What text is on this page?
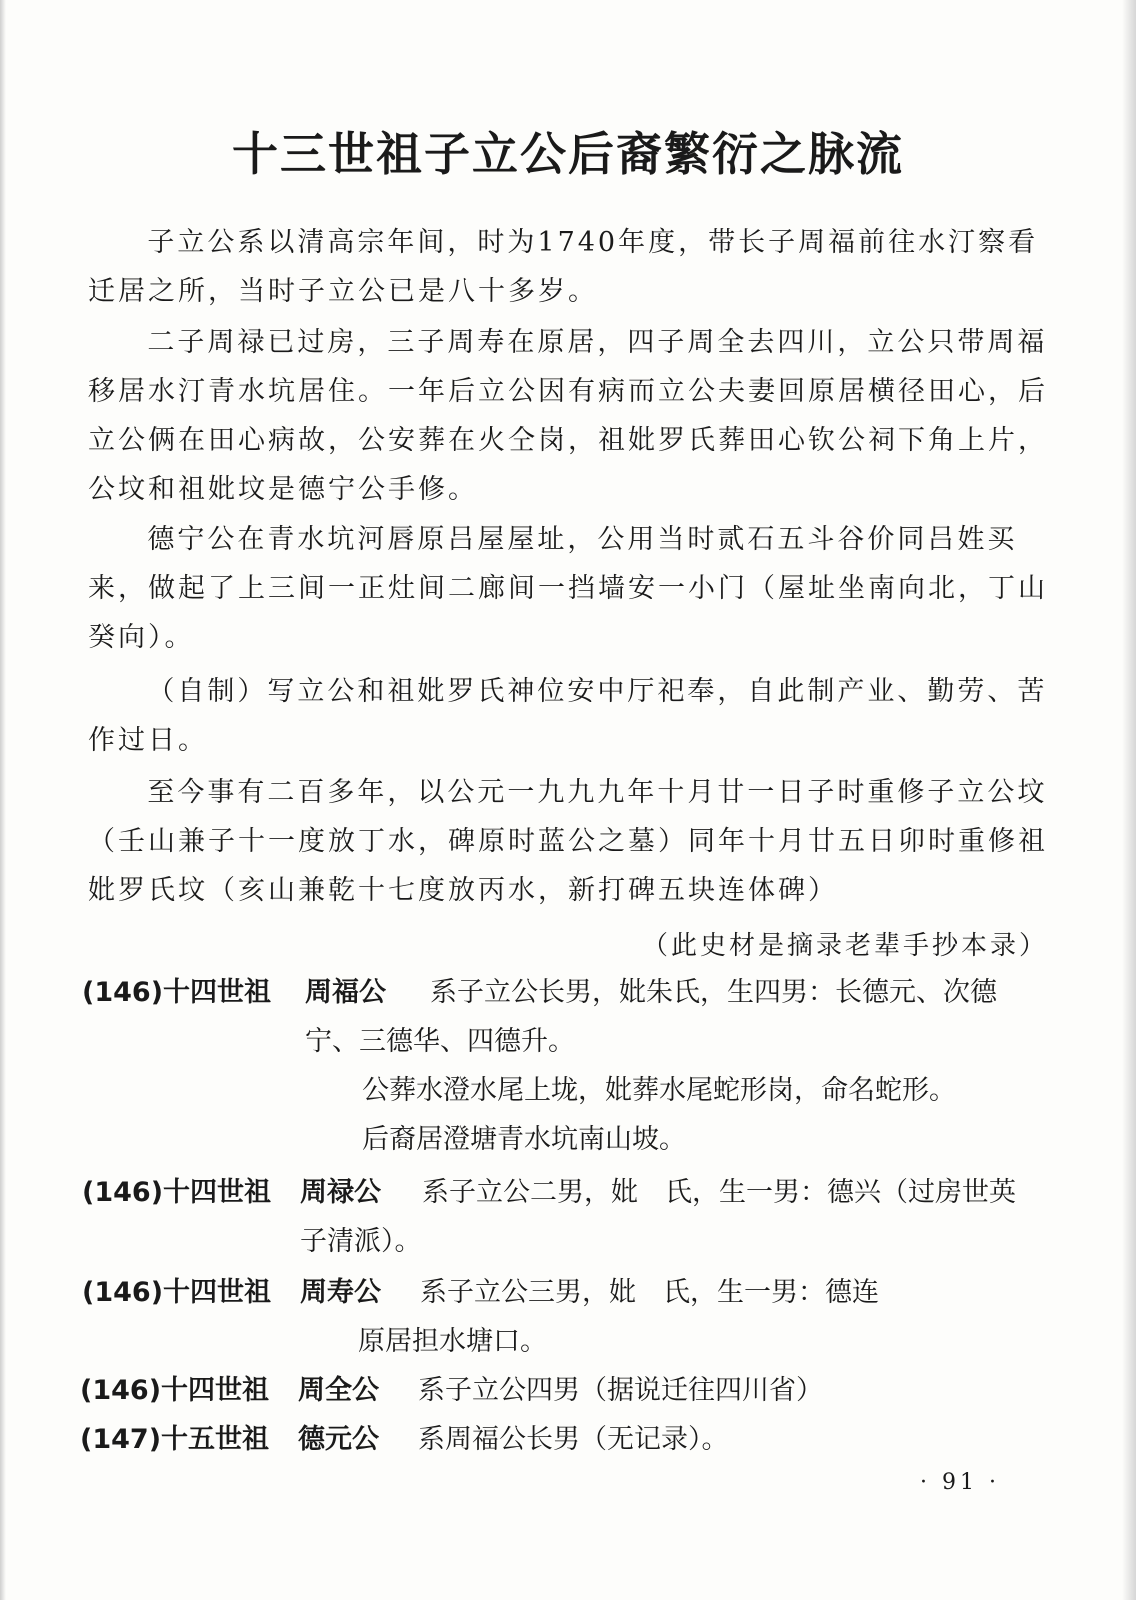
十三世祖子立公后裔繁衍之脉流
子立公系以清高宗年间，时为1740年度，带长子周福前往水汀察看迁居之所，当时子立公已是八十多岁。
二子周禄已过房，三子周寿在原居，四子周全去四川，立公只带周福移居水汀青水坑居住。一年后立公因有病而立公夫妻回原居横径田心，后立公俩在田心病故，公安葬在火仝岗，祖妣罗氏葬田心钦公祠下角上片，公坟和祖妣坟是德宁公手修。
德宁公在青水坑河唇原吕屋屋址，公用当时贰石五斗谷价同吕姓买来，做起了上三间一正灶间二廊间一挡墙安一小门（屋址坐南向北，丁山癸向）。
（自制）写立公和祖妣罗氏神位安中厅祀奉，自此制产业、勤劳、苦作过日。
至今事有二百多年，以公元一九九九年十月廿一日子时重修子立公坟（壬山兼子十一度放丁水，碑原时蓝公之墓）同年十月廿五日卯时重修祖妣罗氏坟（亥山兼乾十七度放丙水，新打碑五块连体碑）
（此史材是摘录老辈手抄本录）
(146)十四世祖 周福公 系子立公长男，妣朱氏，生四男：长德元、次德
宁、三德华、四德升。
公葬水澄水尾上垅，妣葬水尾蛇形岗，命名蛇形。
后裔居澄塘青水坑南山坡。
(146)十四世祖 周禄公 系子立公二男，妣　氏，生一男：德兴（过房世英
子清派）。
(146)十四世祖 周寿公 系子立公三男，妣　氏，生一男：德连
原居担水塘口。
(146)十四世祖 周全公 系子立公四男（据说迁往四川省）
(147)十五世祖 德元公 系周福公长男（无记录）。
· 91 ·
